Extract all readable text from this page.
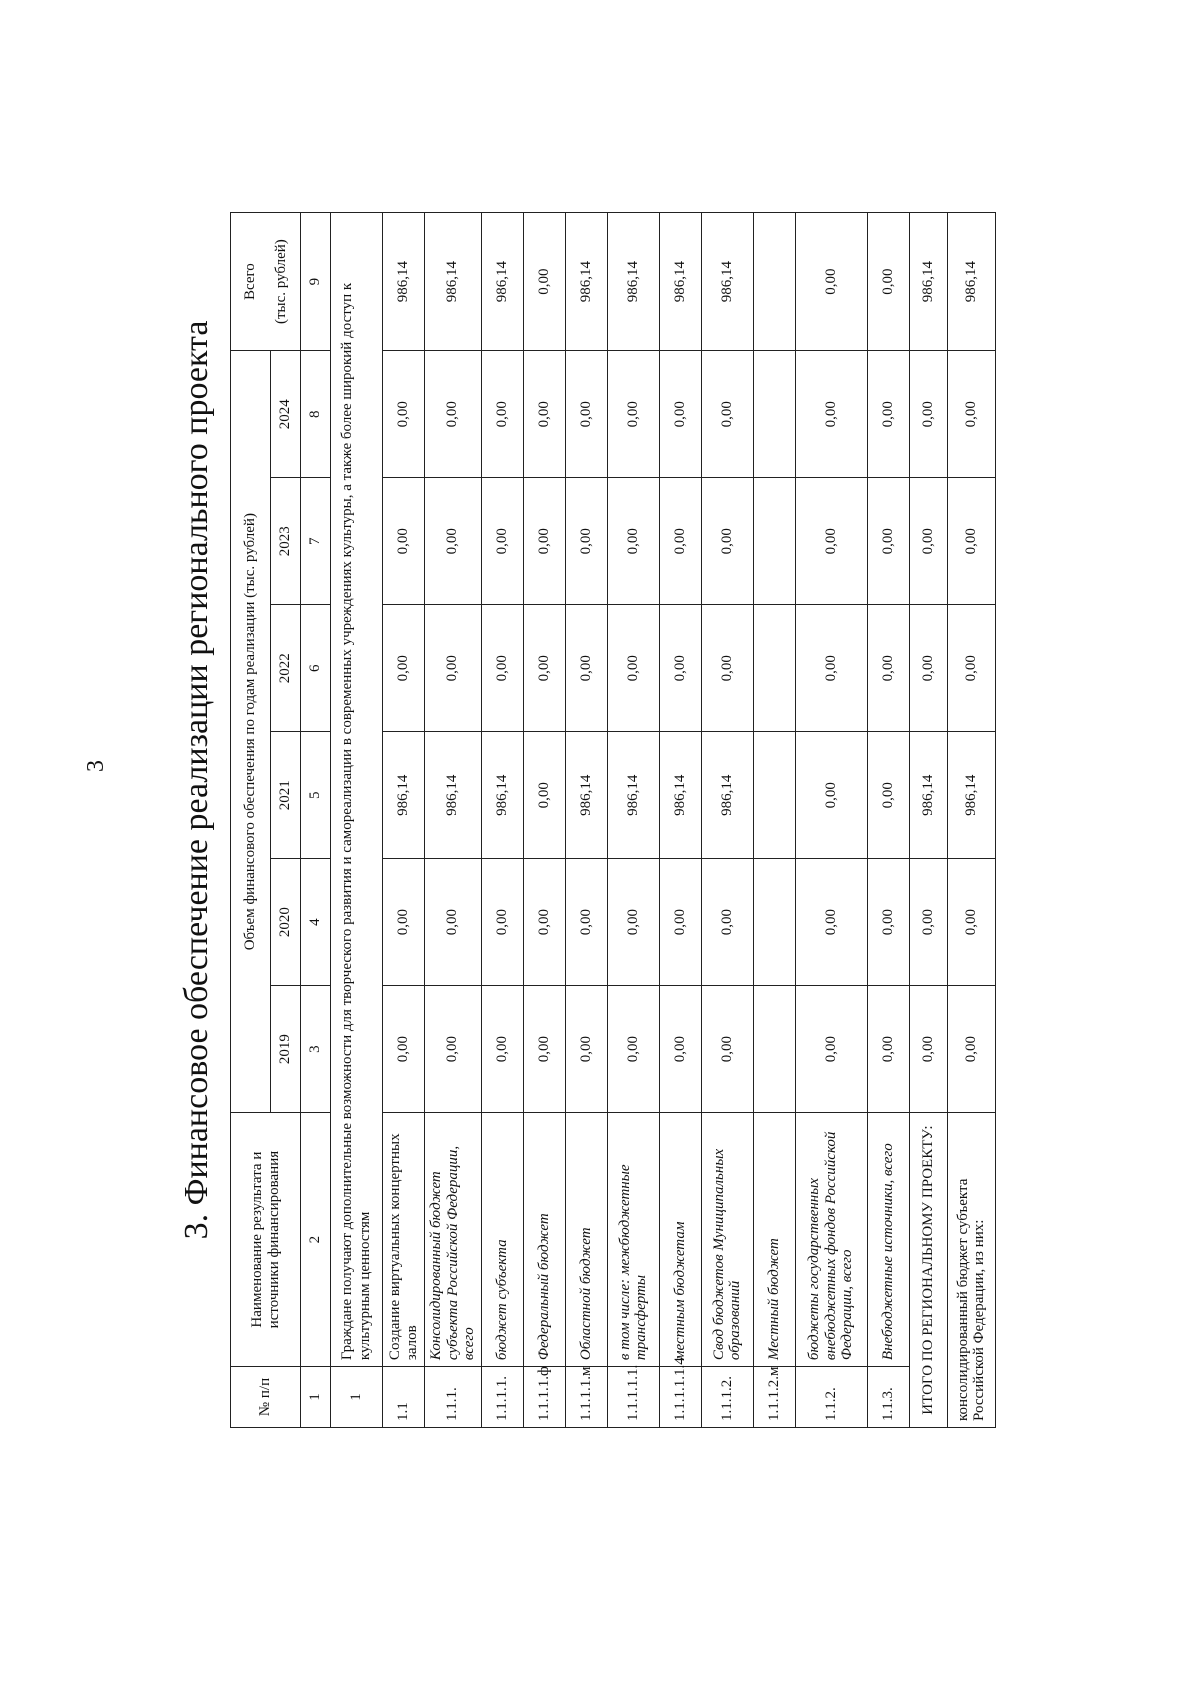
3 3. Финансовое обеспечение реализации регионального проекта
№ п/п	Наименование результата и источники финансирования	Объем финансового обеспечения по годам реализации (тыс. рублей)						Всего (тыс. рублей)

		2019	2020	2021	2022	2023	2024	
1	2	3	4	5	6	7	8	9
1	Граждане получают дополнительные возможности для творческого развития и самореализации в современных учреждениях культуры, а также более широкий доступ к культурным ценностям							
1.1	Создание виртуальных концертных залов	0,00	0,00	986,14	0,00	0,00	0,00	986,14
1.1.1.	Консолидированный бюджет субъекта Российской Федерации, всего	0,00	0,00	986,14	0,00	0,00	0,00	986,14
1.1.1.1.	бюджет субъекта	0,00	0,00	986,14	0,00	0,00	0,00	986,14
1.1.1.1.ф	Федеральный бюджет	0,00	0,00	0,00	0,00	0,00	0,00	0,00
1.1.1.1.м	Областной бюджет	0,00	0,00	986,14	0,00	0,00	0,00	986,14
1.1.1.1.1.	в том числе: межбюджетные трансферты	0,00	0,00	986,14	0,00	0,00	0,00	986,14
1.1.1.1.1.4	местным бюджетам	0,00	0,00	986,14	0,00	0,00	0,00	986,14
1.1.1.2.	Свод бюджетов Муниципальных образований	0,00	0,00	986,14	0,00	0,00	0,00	986,14
1.1.1.2.м	Местный бюджет							
1.1.2.	бюджеты государственных внебюджетных фондов Российской Федерации, всего	0,00	0,00	0,00	0,00	0,00	0,00	0,00
1.1.3.	Внебюджетные источники, всего	0,00	0,00	0,00	0,00	0,00	0,00	0,00
ИТОГО ПО РЕГИОНАЛЬНОМУ ПРОЕКТУ:		0,00	0,00	986,14	0,00	0,00	0,00	986,14
консолидированный бюджет субъекта Российской Федерации, из них:		0,00	0,00	986,14	0,00	0,00	0,00	986,14
